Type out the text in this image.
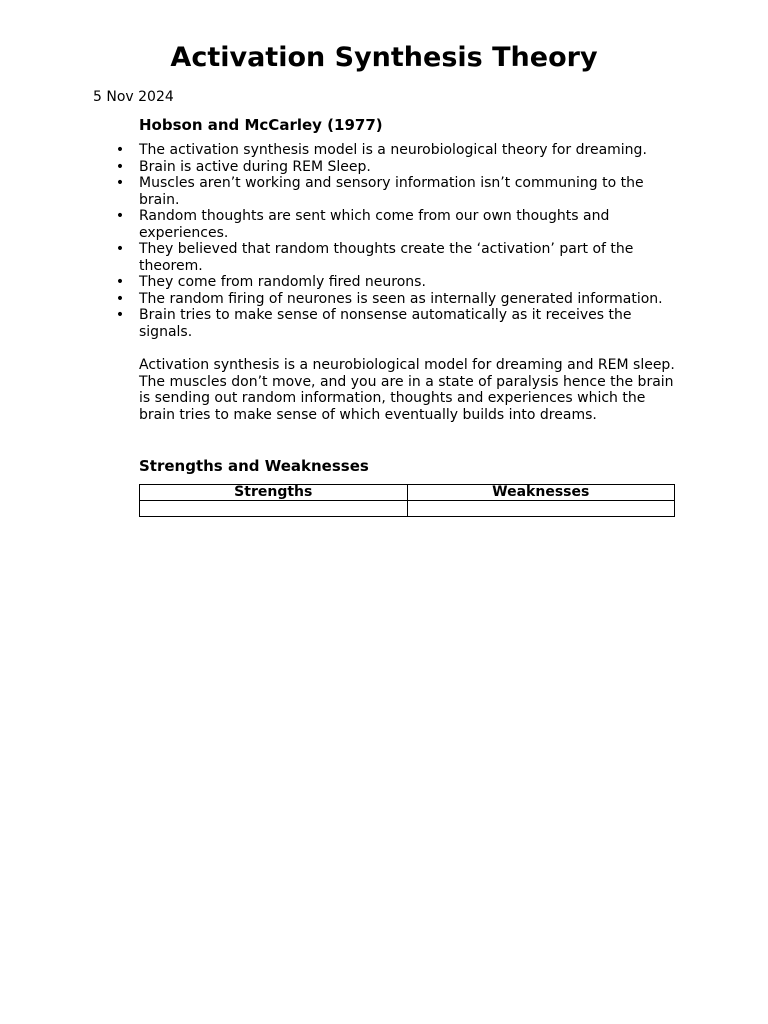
Activation Synthesis Theory

5 Nov 2024

Hobson and McCarley (1977)
• The activation synthesis model is a neurobiological theory for dreaming.
• Brain is active during REM Sleep.
• Muscles aren’t working and sensory information isn’t communing to the brain.
• Random thoughts are sent which come from our own thoughts and experiences.
• They believed that random thoughts create the ‘activation’ part of the theorem.
• They come from randomly fired neurons.
• The random firing of neurones is seen as internally generated information.
• Brain tries to make sense of nonsense automatically as it receives the signals.

Activation synthesis is a neurobiological model for dreaming and REM sleep. The muscles don’t move, and you are in a state of paralysis hence the brain is sending out random information, thoughts and experiences which the brain tries to make sense of which eventually builds into dreams.

Strengths and Weaknesses
Strengths	Weaknesses
